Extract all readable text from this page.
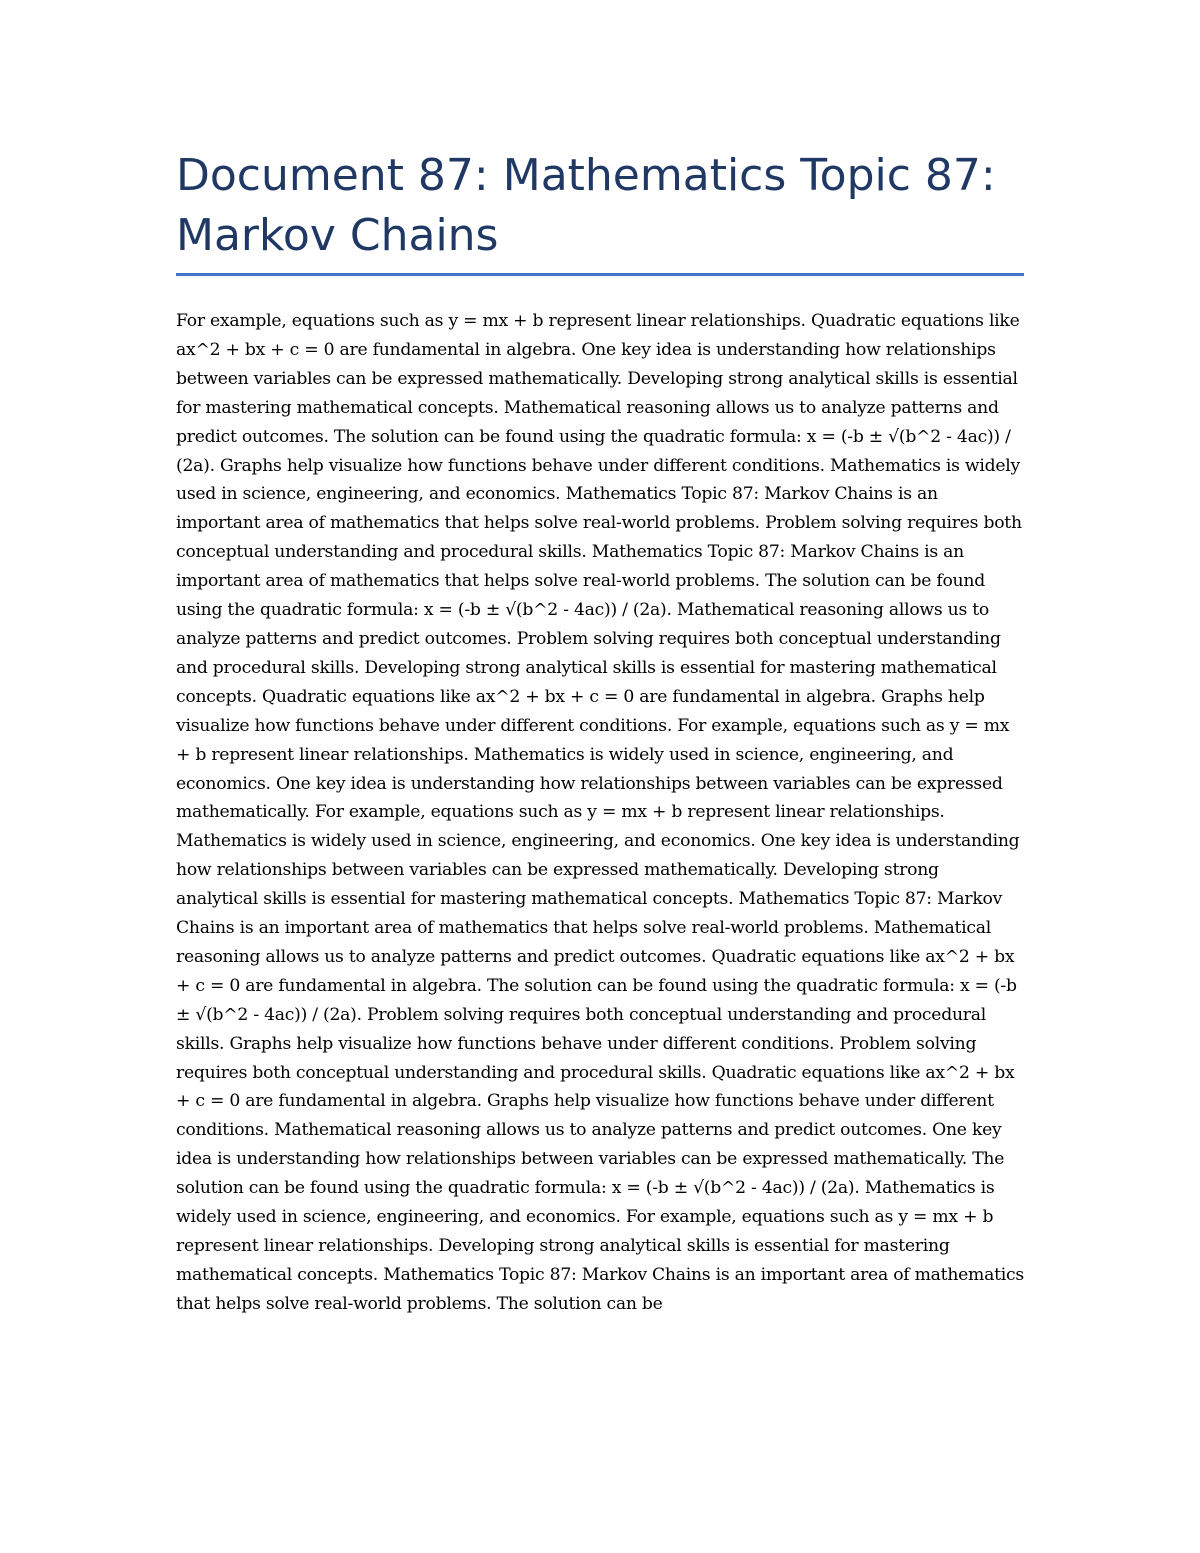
Document 87: Mathematics Topic 87: Markov Chains

For example, equations such as y = mx + b represent linear relationships. Quadratic equations like ax^2 + bx + c = 0 are fundamental in algebra. One key idea is understanding how relationships between variables can be expressed mathematically. Developing strong analytical skills is essential for mastering mathematical concepts. Mathematical reasoning allows us to analyze patterns and predict outcomes. The solution can be found using the quadratic formula: x = (-b ± √(b^2 - 4ac)) / (2a). Graphs help visualize how functions behave under different conditions. Mathematics is widely used in science, engineering, and economics. Mathematics Topic 87: Markov Chains is an important area of mathematics that helps solve real-world problems. Problem solving requires both conceptual understanding and procedural skills. Mathematics Topic 87: Markov Chains is an important area of mathematics that helps solve real-world problems. The solution can be found using the quadratic formula: x = (-b ± √(b^2 - 4ac)) / (2a). Mathematical reasoning allows us to analyze patterns and predict outcomes. Problem solving requires both conceptual understanding and procedural skills. Developing strong analytical skills is essential for mastering mathematical concepts. Quadratic equations like ax^2 + bx + c = 0 are fundamental in algebra. Graphs help visualize how functions behave under different conditions. For example, equations such as y = mx + b represent linear relationships. Mathematics is widely used in science, engineering, and economics. One key idea is understanding how relationships between variables can be expressed mathematically. For example, equations such as y = mx + b represent linear relationships. Mathematics is widely used in science, engineering, and economics. One key idea is understanding how relationships between variables can be expressed mathematically. Developing strong analytical skills is essential for mastering mathematical concepts. Mathematics Topic 87: Markov Chains is an important area of mathematics that helps solve real-world problems. Mathematical reasoning allows us to analyze patterns and predict outcomes. Quadratic equations like ax^2 + bx + c = 0 are fundamental in algebra. The solution can be found using the quadratic formula: x = (-b ± √(b^2 - 4ac)) / (2a). Problem solving requires both conceptual understanding and procedural skills. Graphs help visualize how functions behave under different conditions. Problem solving requires both conceptual understanding and procedural skills. Quadratic equations like ax^2 + bx + c = 0 are fundamental in algebra. Graphs help visualize how functions behave under different conditions. Mathematical reasoning allows us to analyze patterns and predict outcomes. One key idea is understanding how relationships between variables can be expressed mathematically. The solution can be found using the quadratic formula: x = (-b ± √(b^2 - 4ac)) / (2a). Mathematics is widely used in science, engineering, and economics. For example, equations such as y = mx + b represent linear relationships. Developing strong analytical skills is essential for mastering mathematical concepts. Mathematics Topic 87: Markov Chains is an important area of mathematics that helps solve real-world problems. The solution can be
